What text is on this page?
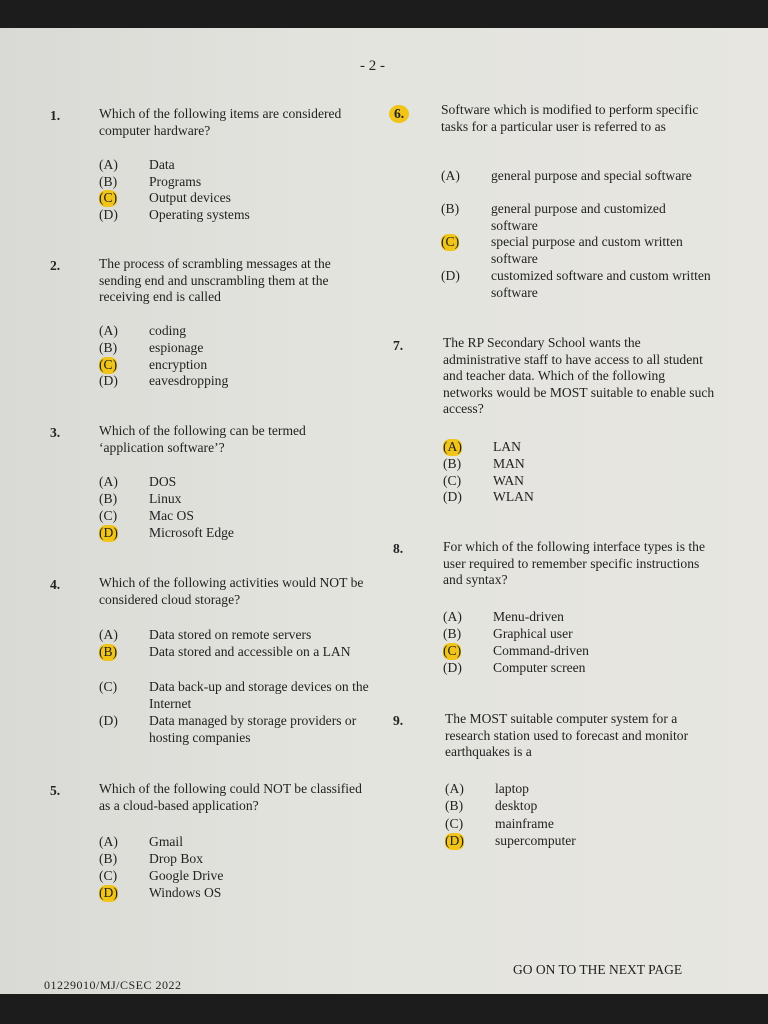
- 2 -
1.	Which of the following items are considered computer hardware?
(A) Data
(B) Programs
(C) Output devices
(D) Operating systems
2.	The process of scrambling messages at the sending end and unscrambling them at the receiving end is called
(A) coding
(B) espionage
(C) encryption
(D) eavesdropping
3.	Which of the following can be termed ‘application software’?
(A) DOS
(B) Linux
(C) Mac OS
(D) Microsoft Edge
4.	Which of the following activities would NOT be considered cloud storage?
(A) Data stored on remote servers
(B) Data stored and accessible on a LAN
(C) Data back-up and storage devices on the Internet
(D) Data managed by storage providers or hosting companies
5.	Which of the following could NOT be classified as a cloud-based application?
(A) Gmail
(B) Drop Box
(C) Google Drive
(D) Windows OS
6.	Software which is modified to perform specific tasks for a particular user is referred to as
(A) general purpose and special software
(B) general purpose and customized software
(C) special purpose and custom written software
(D) customized software and custom written software
7.	The RP Secondary School wants the administrative staff to have access to all student and teacher data. Which of the following networks would be MOST suitable to enable such access?
(A) LAN
(B) MAN
(C) WAN
(D) WLAN
8.	For which of the following interface types is the user required to remember specific instructions and syntax?
(A) Menu-driven
(B) Graphical user
(C) Command-driven
(D) Computer screen
9.	The MOST suitable computer system for a research station used to forecast and monitor earthquakes is a
(A) laptop
(B) desktop
(C) mainframe
(D) supercomputer
GO ON TO THE NEXT PAGE
01229010/MJ/CSEC 2022
